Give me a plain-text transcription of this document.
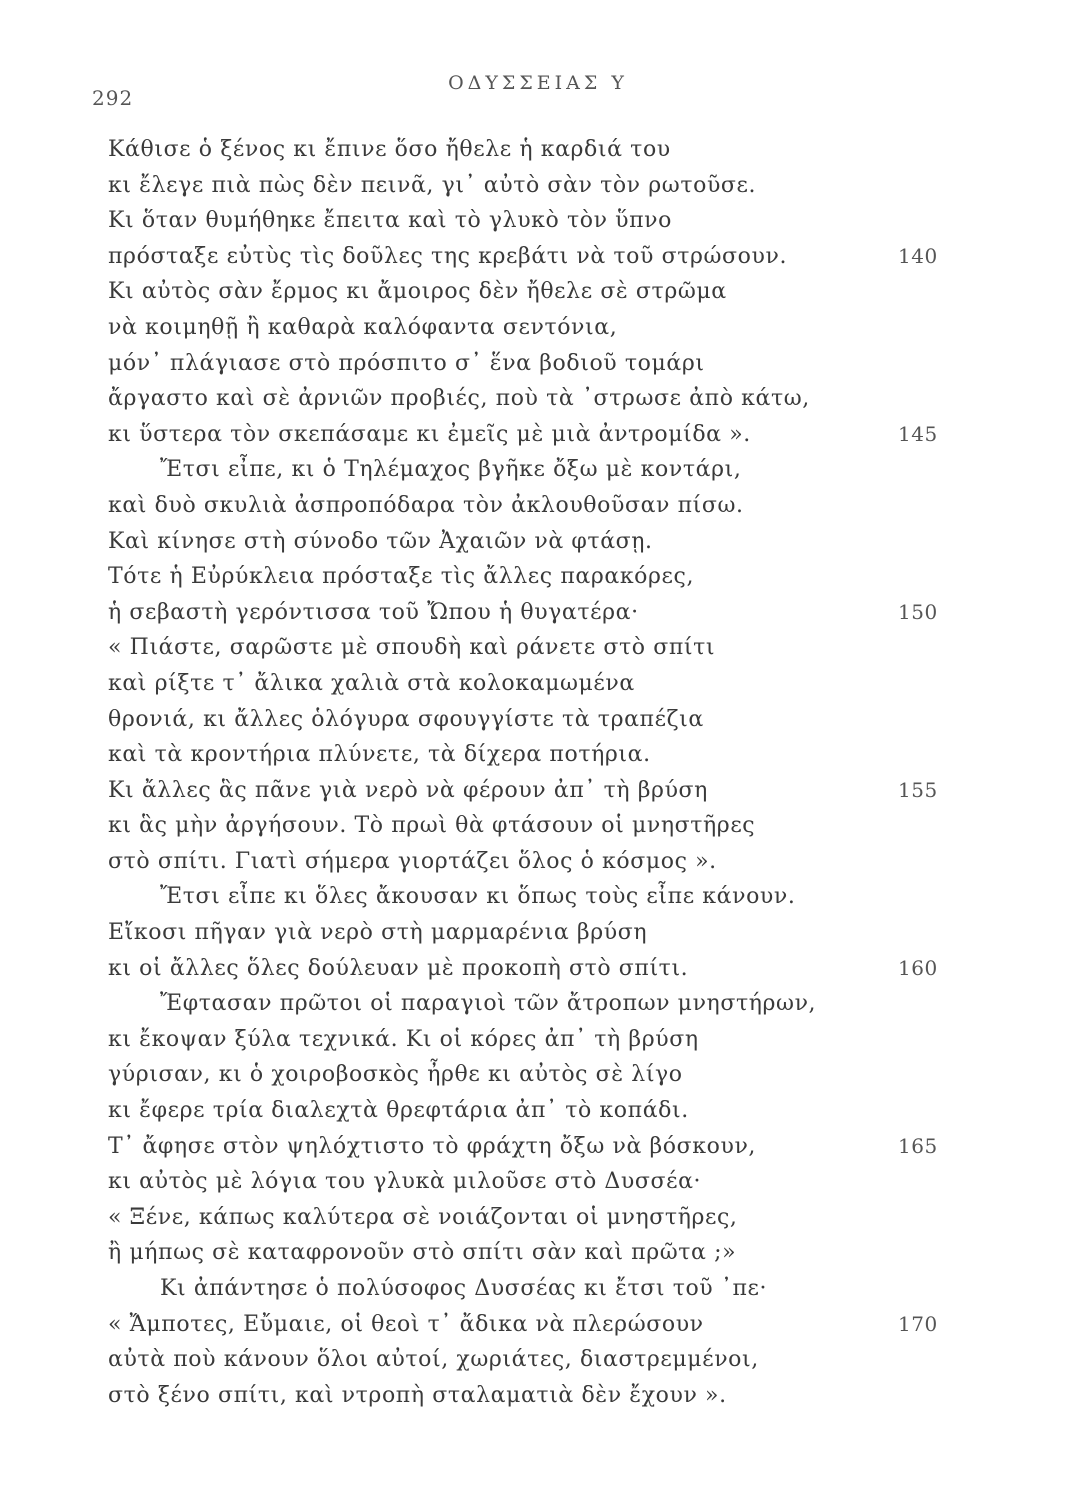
292
ΟΔΥΣΣΕΙΑΣ Υ
Κάθισε ὁ ξένος κι ἔπινε ὅσο ἤθελε ἡ καρδιά του
κι ἔλεγε πιὰ πὼς δὲν πεινᾶ, γι᾽ αὐτὸ σὰν τὸν ρωτοῦσε.
Κι ὅταν θυμήθηκε ἔπειτα καὶ τὸ γλυκὸ τὸν ὕπνο
πρόσταξε εὐτὺς τὶς δοῦλες της κρεβάτι νὰ τοῦ στρώσουν.	140
Κι αὐτὸς σὰν ἔρμος κι ἄμοιρος δὲν ἤθελε σὲ στρῶμα
νὰ κοιμηθῇ ἢ καθαρὰ καλόφαντα σεντόνια,
μόν᾽ πλάγιασε στὸ πρόσπιτο σ᾽ ἕνα βοδιοῦ τομάρι
ἄργαστο καὶ σὲ ἀρνιῶν προβιές, ποὺ τὰ ᾽στρωσε ἀπὸ κάτω,
κι ὕστερα τὸν σκεπάσαμε κι ἐμεῖς μὲ μιὰ ἀντρομίδα ».	145
Ἔτσι εἶπε, κι ὁ Τηλέμαχος βγῆκε ὄξω μὲ κοντάρι,
καὶ δυὸ σκυλιὰ ἀσπροπόδαρα τὸν ἀκλουθοῦσαν πίσω.
Καὶ κίνησε στὴ σύνοδο τῶν Ἀχαιῶν νὰ φτάσῃ.
Τότε ἡ Εὐρύκλεια πρόσταξε τὶς ἄλλες παρακόρες,
ἡ σεβαστὴ γερόντισσα τοῦ Ὤπου ἡ θυγατέρα·	150
« Πιάστε, σαρῶστε μὲ σπουδὴ καὶ ράνετε στὸ σπίτι
καὶ ρίξτε τ᾽ ἄλικα χαλιὰ στὰ κολοκαμωμένα
θρονιά, κι ἄλλες ὁλόγυρα σφουγγίστε τὰ τραπέζια
καὶ τὰ κροντήρια πλύνετε, τὰ δίχερα ποτήρια.
Κι ἄλλες ἃς πᾶνε γιὰ νερὸ νὰ φέρουν ἀπ᾽ τὴ βρύση	155
κι ἃς μὴν ἀργήσουν. Τὸ πρωὶ θὰ φτάσουν οἱ μνηστῆρες
στὸ σπίτι. Γιατὶ σήμερα γιορτάζει ὅλος ὁ κόσμος ».
Ἔτσι εἶπε κι ὅλες ἄκουσαν κι ὅπως τοὺς εἶπε κάνουν.
Εἴκοσι πῆγαν γιὰ νερὸ στὴ μαρμαρένια βρύση
κι οἱ ἄλλες ὅλες δούλευαν μὲ προκοπὴ στὸ σπίτι.	160
Ἔφτασαν πρῶτοι οἱ παραγιοὶ τῶν ἄτροπων μνηστήρων,
κι ἔκοψαν ξύλα τεχνικά. Κι οἱ κόρες ἀπ᾽ τὴ βρύση
γύρισαν, κι ὁ χοιροβοσκὸς ἦρθε κι αὐτὸς σὲ λίγο
κι ἔφερε τρία διαλεχτὰ θρεφτάρια ἀπ᾽ τὸ κοπάδι.
Τ᾽ ἄφησε στὸν ψηλόχτιστο τὸ φράχτη ὄξω νὰ βόσκουν,	165
κι αὐτὸς μὲ λόγια του γλυκὰ μιλοῦσε στὸ Δυσσέα·
« Ξένε, κάπως καλύτερα σὲ νοιάζονται οἱ μνηστῆρες,
ἢ μήπως σὲ καταφρονοῦν στὸ σπίτι σὰν καὶ πρῶτα ;»
Κι ἀπάντησε ὁ πολύσοφος Δυσσέας κι ἔτσι τοῦ ᾽πε·
« Ἄμποτες, Εὔμαιε, οἱ θεοὶ τ᾽ ἄδικα νὰ πλερώσουν	170
αὐτὰ ποὺ κάνουν ὅλοι αὐτοί, χωριάτες, διαστρεμμένοι,
στὸ ξένο σπίτι, καὶ ντροπὴ σταλαματιὰ δὲν ἔχουν ».
